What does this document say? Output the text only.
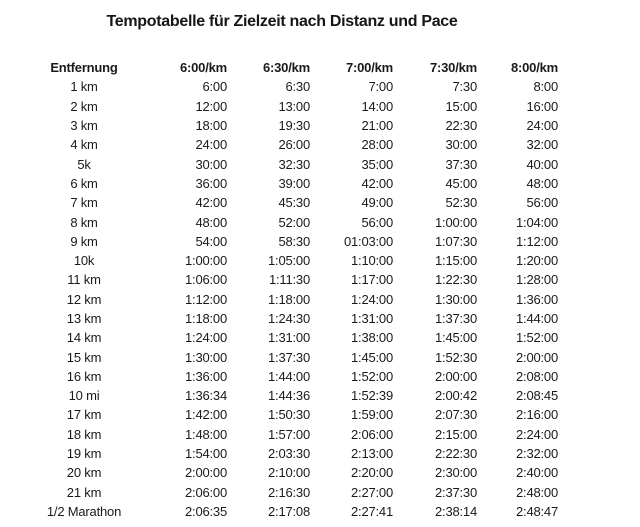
Tempotabelle für Zielzeit nach Distanz und Pace
Entfernung	6:00/km	6:30/km	7:00/km	7:30/km	8:00/km
1 km	6:00	6:30	7:00	7:30	8:00
2 km	12:00	13:00	14:00	15:00	16:00
3 km	18:00	19:30	21:00	22:30	24:00
4 km	24:00	26:00	28:00	30:00	32:00
5k	30:00	32:30	35:00	37:30	40:00
6 km	36:00	39:00	42:00	45:00	48:00
7 km	42:00	45:30	49:00	52:30	56:00
8 km	48:00	52:00	56:00	1:00:00	1:04:00
9 km	54:00	58:30	01:03:00	1:07:30	1:12:00
10k	1:00:00	1:05:00	1:10:00	1:15:00	1:20:00
11 km	1:06:00	1:11:30	1:17:00	1:22:30	1:28:00
12 km	1:12:00	1:18:00	1:24:00	1:30:00	1:36:00
13 km	1:18:00	1:24:30	1:31:00	1:37:30	1:44:00
14 km	1:24:00	1:31:00	1:38:00	1:45:00	1:52:00
15 km	1:30:00	1:37:30	1:45:00	1:52:30	2:00:00
16 km	1:36:00	1:44:00	1:52:00	2:00:00	2:08:00
10 mi	1:36:34	1:44:36	1:52:39	2:00:42	2:08:45
17 km	1:42:00	1:50:30	1:59:00	2:07:30	2:16:00
18 km	1:48:00	1:57:00	2:06:00	2:15:00	2:24:00
19 km	1:54:00	2:03:30	2:13:00	2:22:30	2:32:00
20 km	2:00:00	2:10:00	2:20:00	2:30:00	2:40:00
21 km	2:06:00	2:16:30	2:27:00	2:37:30	2:48:00
1/2 Marathon	2:06:35	2:17:08	2:27:41	2:38:14	2:48:47
